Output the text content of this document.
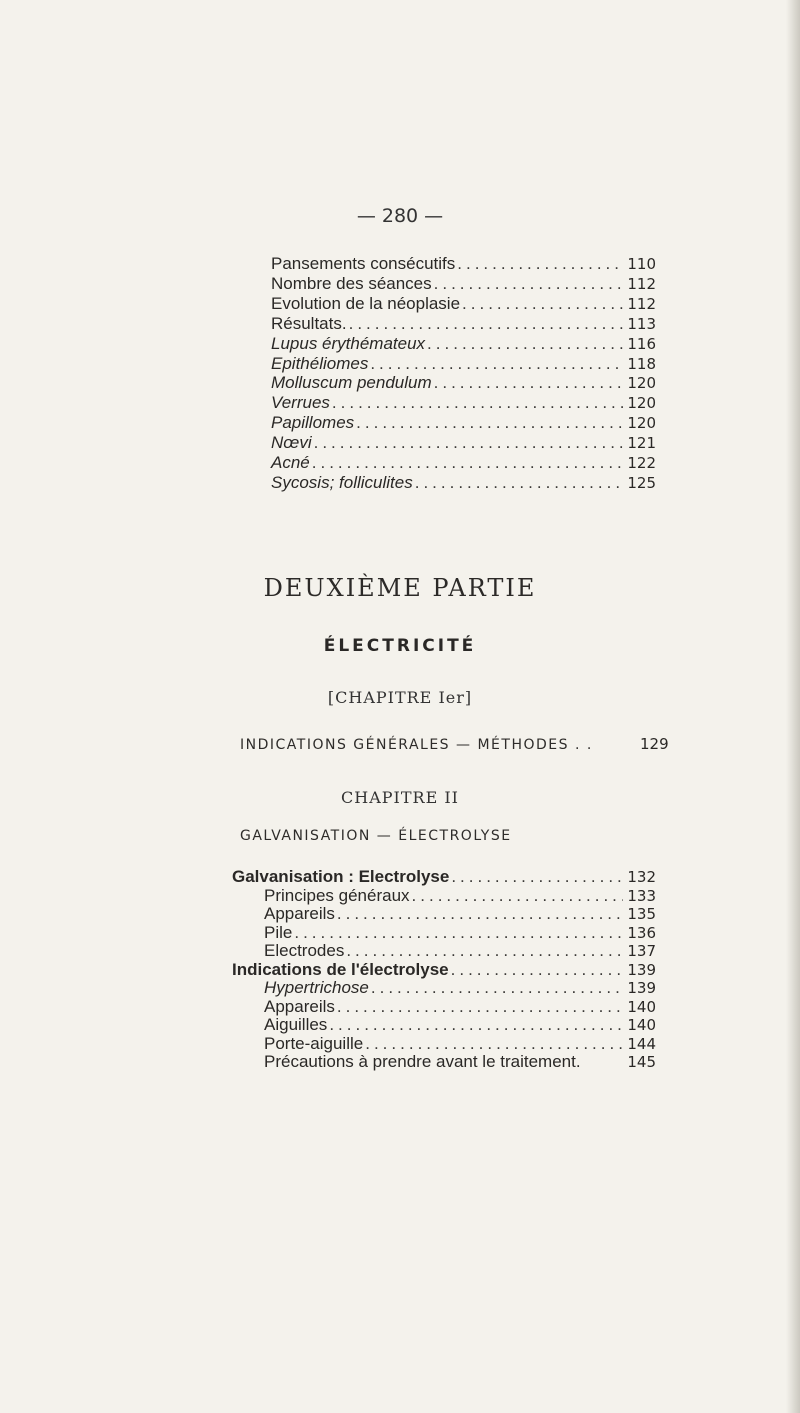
— 280 —
Pansements consécutifs .....	110
Nombre des séances .....	112
Evolution de la néoplasie .....	112
Résultats. .....	113
Lupus érythémateux .....	116
Epithéliomes .....	118
Molluscum pendulum .....	120
Verrues .....	120
Papillomes .....	120
Nœvi .....	121
Acné .....	122
Sycosis; folliculites .....	125
DEUXIÈME PARTIE
ÉLECTRICITÉ
[CHAPITRE Ier]
INDICATIONS GÉNÉRALES — MÉTHODES . .	129
CHAPITRE II
GALVANISATION — ÉLECTROLYSE
Galvanisation : Electrolyse .....	132
Principes généraux .....	133
Appareils .....	135
Pile .....	136
Electrodes .....	137
Indications de l'électrolyse .....	139
Hypertrichose .....	139
Appareils .....	140
Aiguilles .....	140
Porte-aiguille .....	144
Précautions à prendre avant le traitement.	145
